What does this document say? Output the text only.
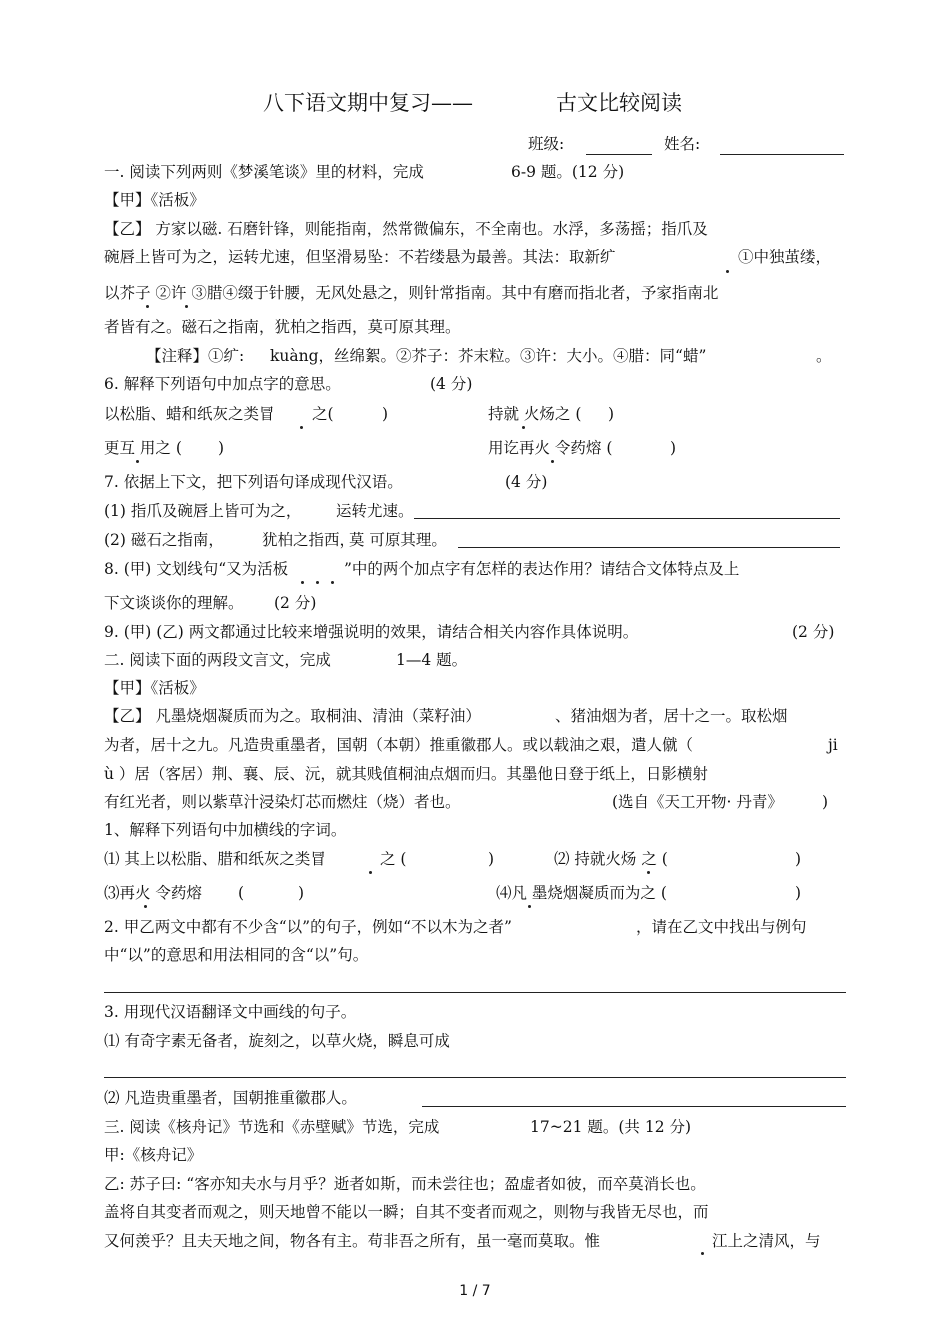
八下语文期中复习——	古文比较阅读
班级:	姓名:
一. 阅读下列两则《梦溪笔谈》里的材料，完成	6-9 题。(12 分)
【甲】《活板》
【乙】 方家以磁. 石磨针锋，则能指南，然常微偏东，不全南也。水浮，多荡摇；指爪及
碗唇上皆可为之，运转尤速，但坚滑易坠：不若缕悬为最善。其法：取新纩	①中独茧缕，
以芥子 ②许 ③腊④缀于针腰，无风处悬之，则针常指南。其中有磨而指北者，予家指南北
者皆有之。磁石之指南，犹柏之指西，莫可原其理。
【注释】①纩: kuàng，丝绵絮。②芥子：芥末粒。③许：大小。④腊：同“蜡”	。
6. 解释下列语句中加点字的意思。	(4 分)
以松脂、蜡和纸灰之类冒 之(	)	持就 火炀之 ( )
更互 用之 ( )	用讫再火 令药熔 (	)
7. 依据上下文，把下列语句译成现代汉语。	(4 分)
(1) 指爪及碗唇上皆可为之， 运转尤速。
(2) 磁石之指南， 犹柏之指西，
莫 可原其理。
8. (甲) 文划线句“又为活板	”中的两个加点字有怎样的表达作用？请结合文体特点及上
下文谈谈你的理解。 (2 分)
9. (甲) (乙) 两文都通过比较来增强说明的效果，请结合相关内容作具体说明。	(2 分)
二. 阅读下面的两段文言文，完成	1—4 题。
【甲】《活板》
【乙】 凡墨烧烟凝质而为之。取桐油、清油（菜籽油）	、猪油烟为者，居十之一。取松烟
为者，居十之九。凡造贵重墨者，国朝（本朝）推重徽郡人。或以载油之艰，遣人僦（	ji
ù ）居（客居）荆、襄、辰、沅，就其贱值桐油点烟而归。其墨他日登于纸上，日影横射
有红光者，则以紫草汁浸染灯芯而燃炷（烧）者也。	(选自《天工开物· 丹青》	)
1、解释下列语句中加横线的字词。
⑴ 其上以松脂、腊和纸灰之类冒	之 (	)	⑵ 持就火炀 之 (	)
⑶再火 令药熔 (	)	⑷凡 墨烧烟凝质而为之 (	)
2. 甲乙两文中都有不少含“以”的句子，例如“不以木为之者”	，请在乙文中找出与例句
中“以”的意思和用法相同的含“以”句。
3. 用现代汉语翻译文中画线的句子。
⑴ 有奇字素无备者，旋刻之，以草火烧，瞬息可成
⑵ 凡造贵重墨者，国朝推重徽郡人。
三. 阅读《核舟记》节选和《赤壁赋》节选，完成	17~21 题。(共 12 分)
甲:《核舟记》
乙: 苏子曰: “客亦知夫水与月乎？逝者如斯，而未尝往也；盈虚者如彼，而卒莫消长也。
盖将自其变者而观之，则天地曾不能以一瞬；自其不变者而观之，则物与我皆无尽也，而
又何羡乎？且夫天地之间，物各有主。苟非吾之所有，虽一毫而莫取。惟	江上之清风，与
1 / 7
